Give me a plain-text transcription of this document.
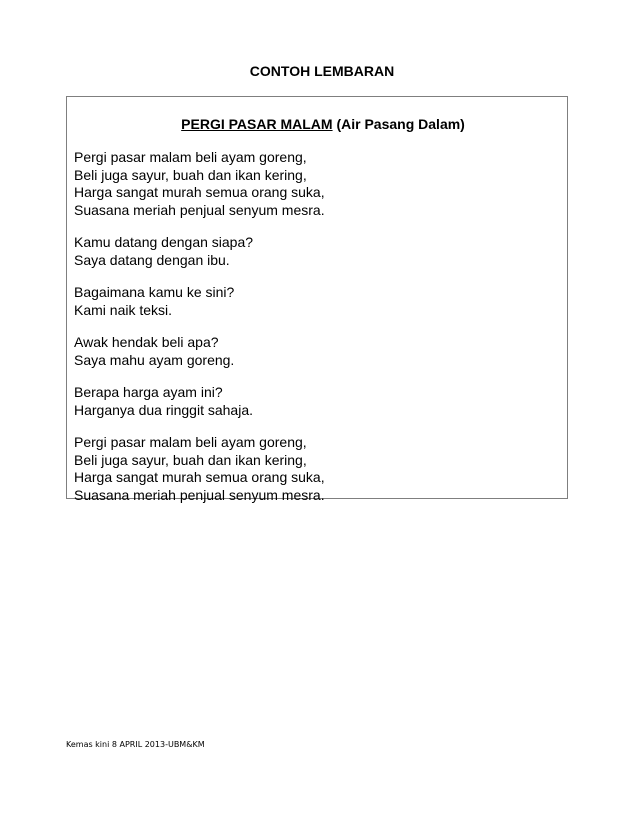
CONTOH LEMBARAN
PERGI PASAR MALAM (Air Pasang Dalam)
Pergi pasar malam beli ayam goreng,
Beli juga sayur, buah dan ikan kering,
Harga sangat murah semua orang suka,
Suasana meriah penjual senyum mesra.
Kamu datang dengan siapa?
Saya datang dengan ibu.
Bagaimana kamu ke sini?
Kami naik teksi.
Awak hendak beli apa?
Saya mahu ayam goreng.
Berapa harga ayam ini?
Harganya dua ringgit sahaja.
Pergi pasar malam beli ayam goreng,
Beli juga sayur, buah dan ikan kering,
Harga sangat murah semua orang suka,
Suasana meriah penjual senyum mesra.
Kemas kini 8 APRIL 2013-UBM&KM
